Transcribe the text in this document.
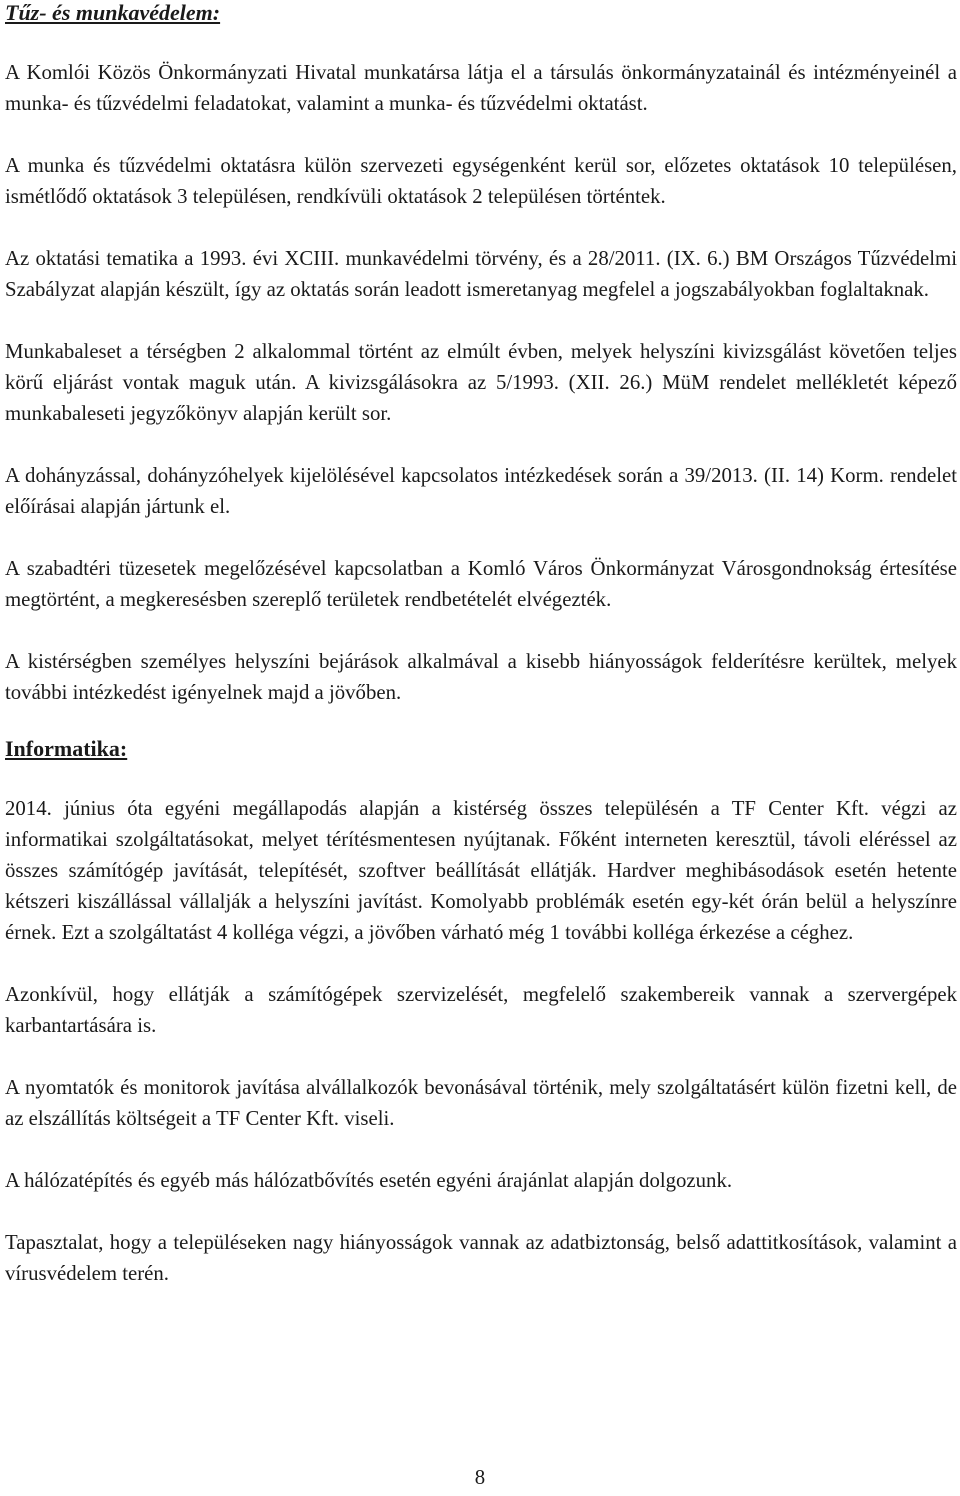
Tűz- és munkavédelem:

A Komlói Közös Önkormányzati Hivatal munkatársa látja el a társulás önkormányzatainál és intézményeinél a munka- és tűzvédelmi feladatokat, valamint a munka- és tűzvédelmi oktatást.

A munka és tűzvédelmi oktatásra külön szervezeti egységenként kerül sor, előzetes oktatások 10 településen, ismétlődő oktatások 3 településen, rendkívüli oktatások 2 településen történtek.

Az oktatási tematika a 1993. évi XCIII. munkavédelmi törvény, és a 28/2011. (IX. 6.) BM Országos Tűzvédelmi Szabályzat alapján készült, így az oktatás során leadott ismeretanyag megfelel a jogszabályokban foglaltaknak.

Munkabaleset a térségben 2 alkalommal történt az elmúlt évben, melyek helyszíni kivizsgálást követően teljes körű eljárást vontak maguk után. A kivizsgálásokra az 5/1993. (XII. 26.) MüM rendelet mellékletét képező munkabaleseti jegyzőkönyv alapján került sor.

A dohányzással, dohányzóhelyek kijelölésével kapcsolatos intézkedések során a 39/2013. (II. 14) Korm. rendelet előírásai alapján jártunk el.

A szabadtéri tüzesetek megelőzésével kapcsolatban a Komló Város Önkormányzat Városgondnokság értesítése megtörtént, a megkeresésben szereplő területek rendbetételét elvégezték.

A kistérségben személyes helyszíni bejárások alkalmával a kisebb hiányosságok felderítésre kerültek, melyek további intézkedést igényelnek majd a jövőben.

Informatika:

2014. június óta egyéni megállapodás alapján a kistérség összes településén a TF Center Kft. végzi az informatikai szolgáltatásokat, melyet térítésmentesen nyújtanak. Főként interneten keresztül, távoli eléréssel az összes számítógép javítását, telepítését, szoftver beállítását ellátják. Hardver meghibásodások esetén hetente kétszeri kiszállással vállalják a helyszíni javítást. Komolyabb problémák esetén egy-két órán belül a helyszínre érnek. Ezt a szolgáltatást 4 kolléga végzi, a jövőben várható még 1 további kolléga érkezése a céghez.

Azonkívül, hogy ellátják a számítógépek szervizelését, megfelelő szakembereik vannak a szervergépek karbantartására is.

A nyomtatók és monitorok javítása alvállalkozók bevonásával történik, mely szolgáltatásért külön fizetni kell, de az elszállítás költségeit a TF Center Kft. viseli.

A hálózatépítés és egyéb más hálózatbővítés esetén egyéni árajánlat alapján dolgozunk.

Tapasztalat, hogy a településeken nagy hiányosságok vannak az adatbiztonság, belső adattitkosítások, valamint a vírusvédelem terén.

8
